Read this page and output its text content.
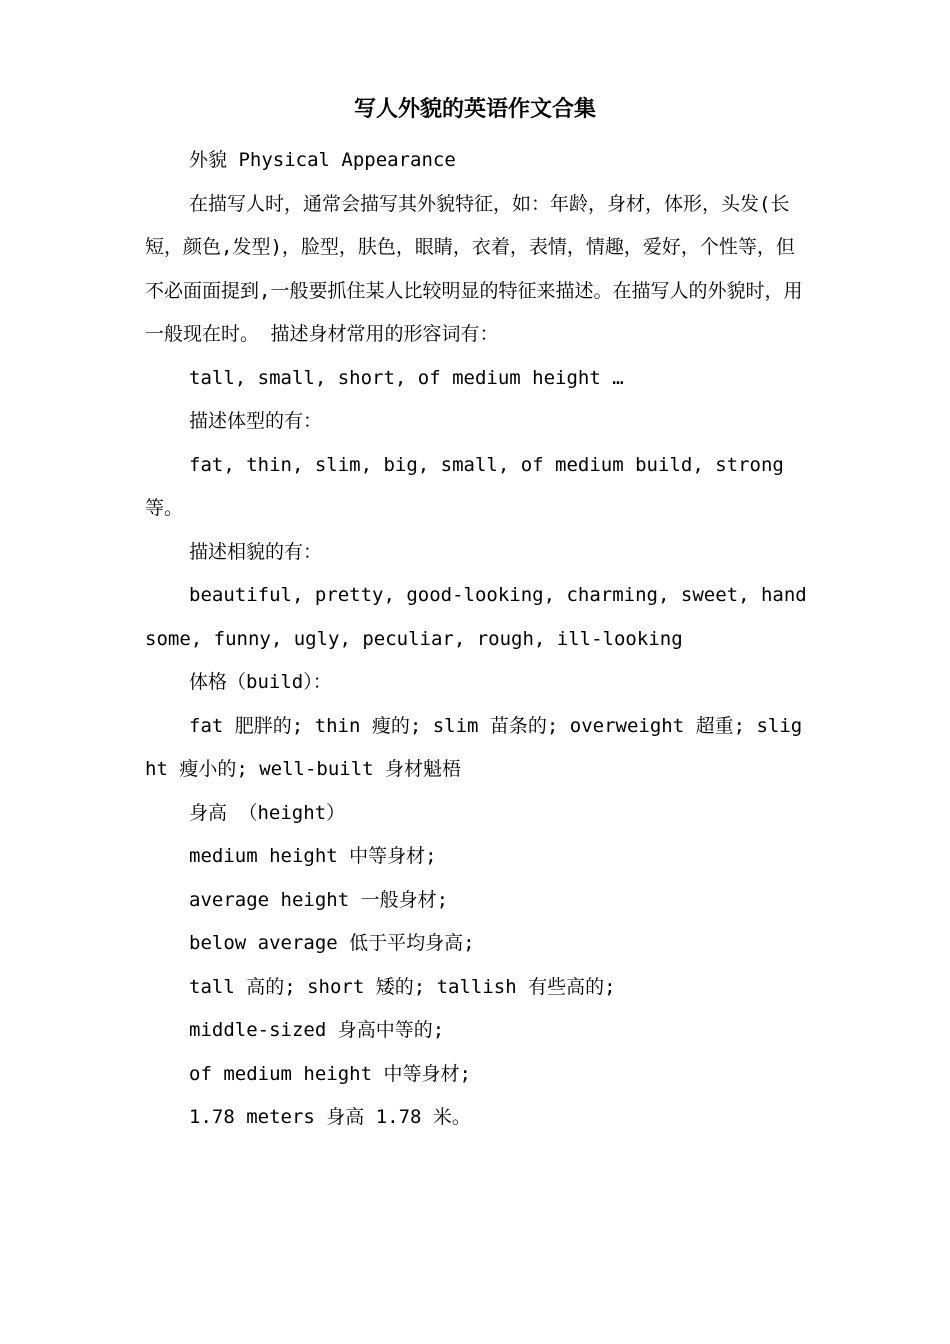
写人外貌的英语作文合集

外貌 Physical Appearance

在描写人时，通常会描写其外貌特征，如：年龄，身材，体形，头发(长短，颜色,发型)，脸型，肤色，眼睛，衣着，表情，情趣，爱好，个性等，但不必面面提到,一般要抓住某人比较明显的特征来描述。在描写人的外貌时，用一般现在时。 描述身材常用的形容词有：

tall, small, short, of medium height …

描述体型的有：

fat, thin, slim, big, small, of medium build, strong 等。

描述相貌的有：

beautiful, pretty, good-looking, charming, sweet, handsome, funny, ugly, peculiar, rough, ill-looking

体格（build）：

fat 肥胖的; thin 瘦的; slim 苗条的; overweight 超重; slight 瘦小的; well-built 身材魁梧

身高 （height）

medium height 中等身材;

average height 一般身材;

below average 低于平均身高;

tall 高的; short 矮的; tallish 有些高的;

middle-sized 身高中等的;

of medium height 中等身材;

1.78 meters 身高 1.78 米。
